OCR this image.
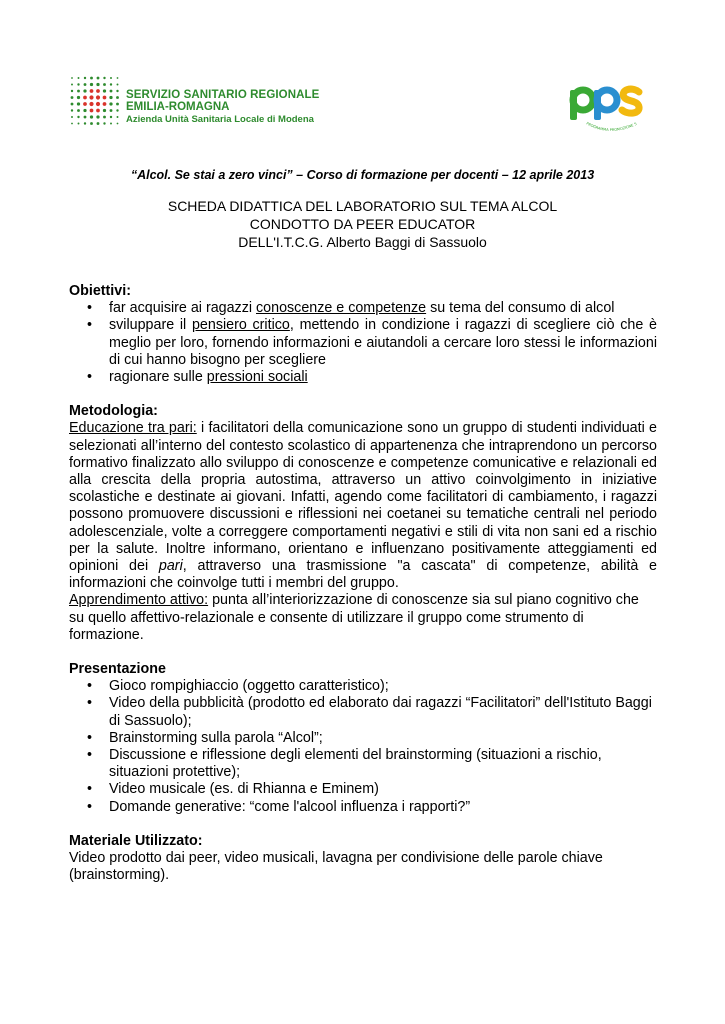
SERVIZIO SANITARIO REGIONALE
EMILIA-ROMAGNA
Azienda Unità Sanitaria Locale di Modena	PROGRAMMA PROMOZIONE S
“Alcol. Se stai a zero vinci” – Corso di formazione per docenti – 12 aprile 2013
SCHEDA DIDATTICA DEL LABORATORIO SUL TEMA ALCOL
CONDOTTO DA PEER EDUCATOR
DELL'I.T.C.G. Alberto Baggi di Sassuolo

Obiettivi:

• far acquisire ai ragazzi conoscenze e competenze su tema del consumo di alcol
• sviluppare il pensiero critico, mettendo in condizione i ragazzi di scegliere ciò che è meglio per loro, fornendo informazioni e aiutandoli a cercare loro stessi le informazioni di cui hanno bisogno per scegliere
• ragionare sulle pressioni sociali

Metodologia:

Educazione tra pari: i facilitatori della comunicazione sono un gruppo di studenti individuati e selezionati all’interno del contesto scolastico di appartenenza che intraprendono un percorso formativo finalizzato allo sviluppo di conoscenze e competenze comunicative e relazionali ed alla crescita della propria autostima, attraverso un attivo coinvolgimento in iniziative scolastiche e destinate ai giovani. Infatti, agendo come facilitatori di cambiamento, i ragazzi possono promuovere discussioni e riflessioni nei coetanei su tematiche centrali nel periodo adolescenziale, volte a correggere comportamenti negativi e stili di vita non sani ed a rischio per la salute. Inoltre informano, orientano e influenzano positivamente atteggiamenti ed opinioni dei pari, attraverso una trasmissione "a cascata" di competenze, abilità e informazioni che coinvolge tutti i membri del gruppo.

Apprendimento attivo: punta all’interiorizzazione di conoscenze sia sul piano cognitivo che su quello affettivo-relazionale e consente di utilizzare il gruppo come strumento di formazione.

Presentazione

• Gioco rompighiaccio (oggetto caratteristico);
• Video della pubblicità (prodotto ed elaborato dai ragazzi “Facilitatori” dell'Istituto Baggi di Sassuolo);
• Brainstorming sulla parola “Alcol”;
• Discussione e riflessione degli elementi del brainstorming (situazioni a rischio, situazioni protettive);
• Video musicale (es. di Rhianna e Eminem)
• Domande generative: “come l'alcool influenza i rapporti?”

Materiale Utilizzato:

Video prodotto dai peer, video musicali, lavagna per condivisione delle parole chiave (brainstorming).
